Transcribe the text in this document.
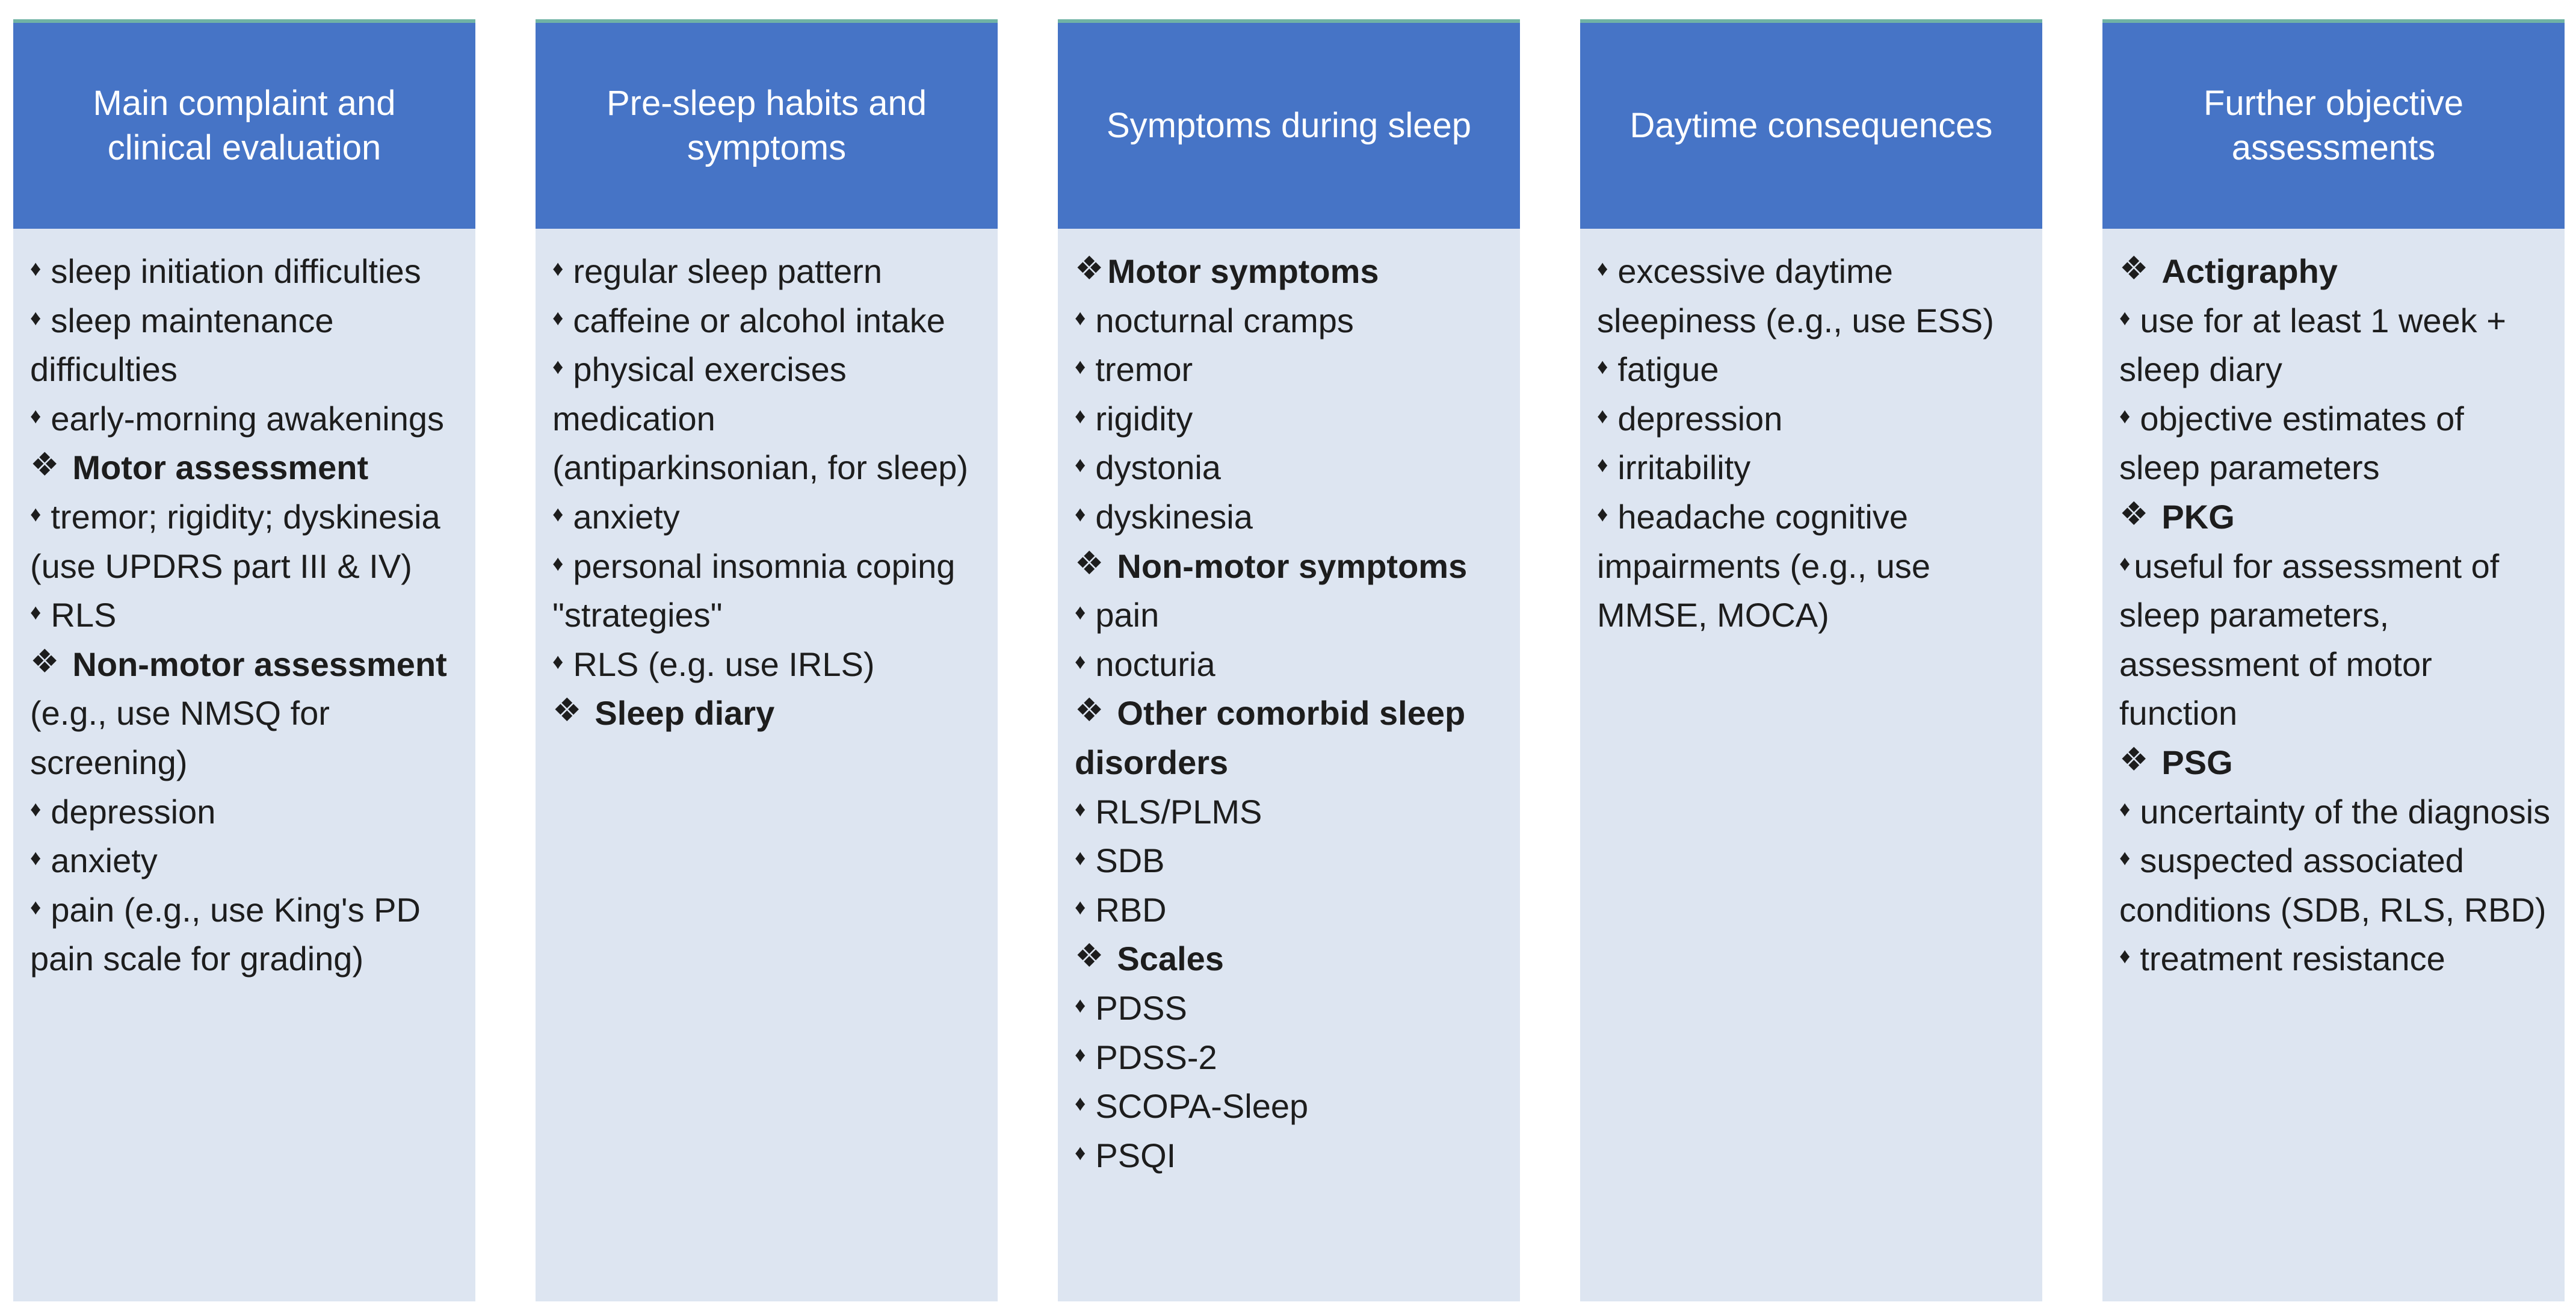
Main complaint and clinical evaluation
♦ sleep initiation difficulties
♦ sleep maintenance difficulties
♦ early-morning awakenings
❖ Motor assessment
♦ tremor; rigidity; dyskinesia (use UPDRS part III & IV)
♦ RLS
❖ Non-motor assessment (e.g., use NMSQ for screening)
♦ depression
♦ anxiety
♦ pain (e.g., use King's PD pain scale for grading)
Pre-sleep habits and symptoms
♦ regular sleep pattern
♦ caffeine or alcohol intake
♦ physical exercises medication (antiparkinsonian, for sleep)
♦ anxiety
♦ personal insomnia coping "strategies"
♦ RLS (e.g. use IRLS)
❖ Sleep diary
Symptoms during sleep
❖ Motor symptoms
♦ nocturnal cramps
♦ tremor
♦ rigidity
♦ dystonia
♦ dyskinesia
❖ Non-motor symptoms
♦ pain
♦ nocturia
❖ Other comorbid sleep disorders
♦ RLS/PLMS
♦ SDB
♦ RBD
❖ Scales
♦ PDSS
♦ PDSS-2
♦ SCOPA-Sleep
♦ PSQI
Daytime consequences
♦ excessive daytime sleepiness (e.g., use ESS)
♦ fatigue
♦ depression
♦ irritability
♦ headache cognitive impairments (e.g., use MMSE, MOCA)
Further objective assessments
❖ Actigraphy
♦ use for at least 1 week + sleep diary
♦ objective estimates of sleep parameters
❖ PKG
♦ useful for assessment of sleep parameters, assessment of motor function
❖ PSG
♦ uncertainty of the diagnosis
♦ suspected associated conditions (SDB, RLS, RBD)
♦ treatment resistance
